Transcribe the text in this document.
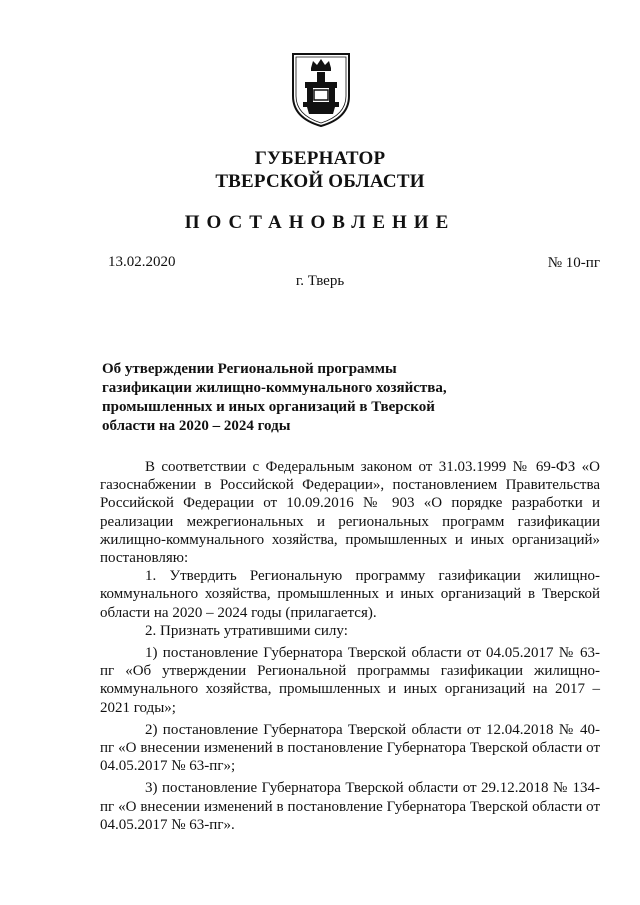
ГУБЕРНАТОР
ТВЕРСКОЙ ОБЛАСТИ
ПОСТАНОВЛЕНИЕ
13.02.2020	№ 10-пг
г. Тверь
Об утверждении Региональной программы газификации жилищно-коммунального хозяйства, промышленных и иных организаций в Тверской области на 2020 – 2024 годы

В соответствии с Федеральным законом от 31.03.1999 № 69-ФЗ «О газоснабжении в Российской Федерации», постановлением Правительства Российской Федерации от 10.09.2016 № 903 «О порядке разработки и реализации межрегиональных и региональных программ газификации жилищно-коммунального хозяйства, промышленных и иных организаций» постановляю:

1. Утвердить Региональную программу газификации жилищно-коммунального хозяйства, промышленных и иных организаций в Тверской области на 2020 – 2024 годы (прилагается).

2. Признать утратившими силу:

1) постановление Губернатора Тверской области от 04.05.2017 № 63-пг «Об утверждении Региональной программы газификации жилищно-коммунального хозяйства, промышленных и иных организаций на 2017 – 2021 годы»;

2) постановление Губернатора Тверской области от 12.04.2018 № 40-пг «О внесении изменений в постановление Губернатора Тверской области от 04.05.2017 № 63-пг»;

3) постановление Губернатора Тверской области от 29.12.2018 № 134-пг «О внесении изменений в постановление Губернатора Тверской области от 04.05.2017 № 63-пг».
